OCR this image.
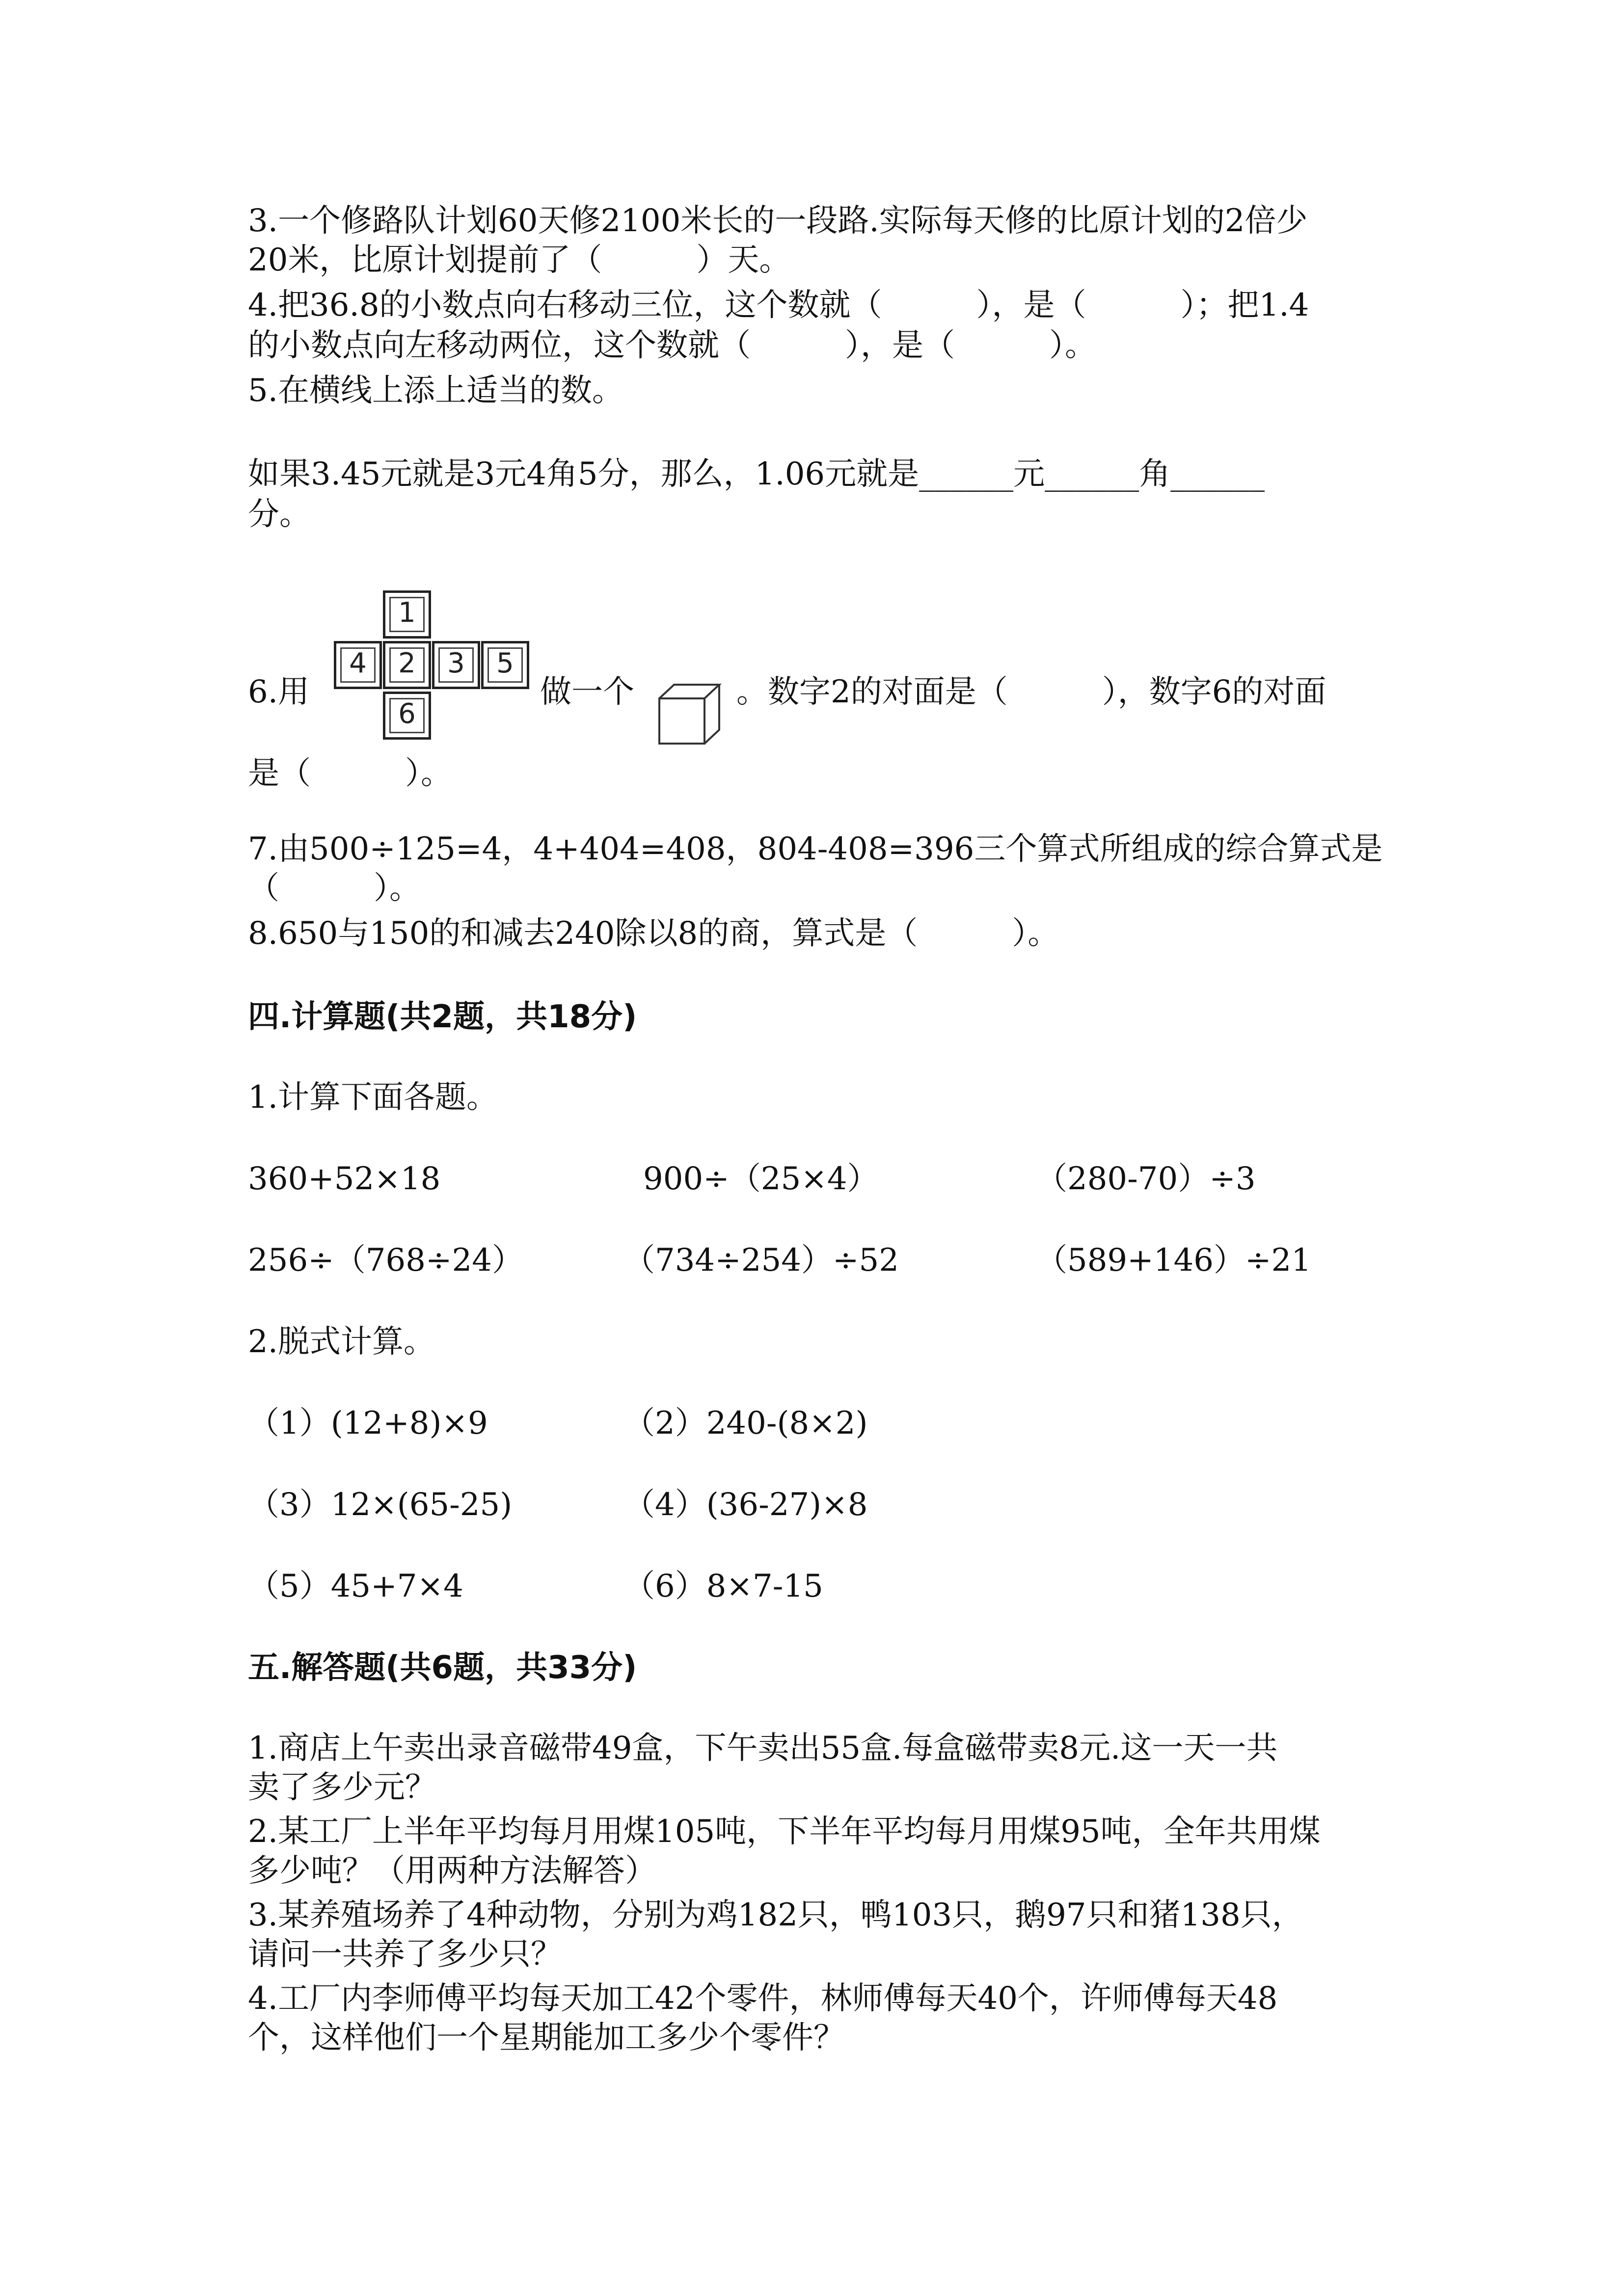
3.一个修路队计划60天修2100米长的一段路.实际每天修的比原计划的2倍少
20米，比原计划提前了（　　　）天。
4.把36.8的小数点向右移动三位，这个数就（　　　），是（　　　）；把1.4
的小数点向左移动两位，这个数就（　　　），是（　　　）。
5.在横线上添上适当的数。
如果3.45元就是3元4角5分，那么，1.06元就是______元______角______
分。
6.用
1
4	2	3	5
6
做一个	。数字2的对面是（　　　），数字6的对面
是（　　　）。
7.由500÷125=4，4+404=408，804-408=396三个算式所组成的综合算式是
（　　　）。
8.650与150的和减去240除以8的商，算式是（　　　）。
四.计算题(共2题，共18分)
1.计算下面各题。
360+52×18	900÷（25×4）	（280-70）÷3
256÷（768÷24）	（734÷254）÷52	（589+146）÷21
2.脱式计算。
（1）(12+8)×9	（2）240-(8×2)
（3）12×(65-25)	（4）(36-27)×8
（5）45+7×4	（6）8×7-15
五.解答题(共6题，共33分)
1.商店上午卖出录音磁带49盒，下午卖出55盒.每盒磁带卖8元.这一天一共
卖了多少元？
2.某工厂上半年平均每月用煤105吨，下半年平均每月用煤95吨，全年共用煤
多少吨？（用两种方法解答）
3.某养殖场养了4种动物，分别为鸡182只，鸭103只，鹅97只和猪138只，
请问一共养了多少只？
4.工厂内李师傅平均每天加工42个零件，林师傅每天40个，许师傅每天48
个，这样他们一个星期能加工多少个零件？
